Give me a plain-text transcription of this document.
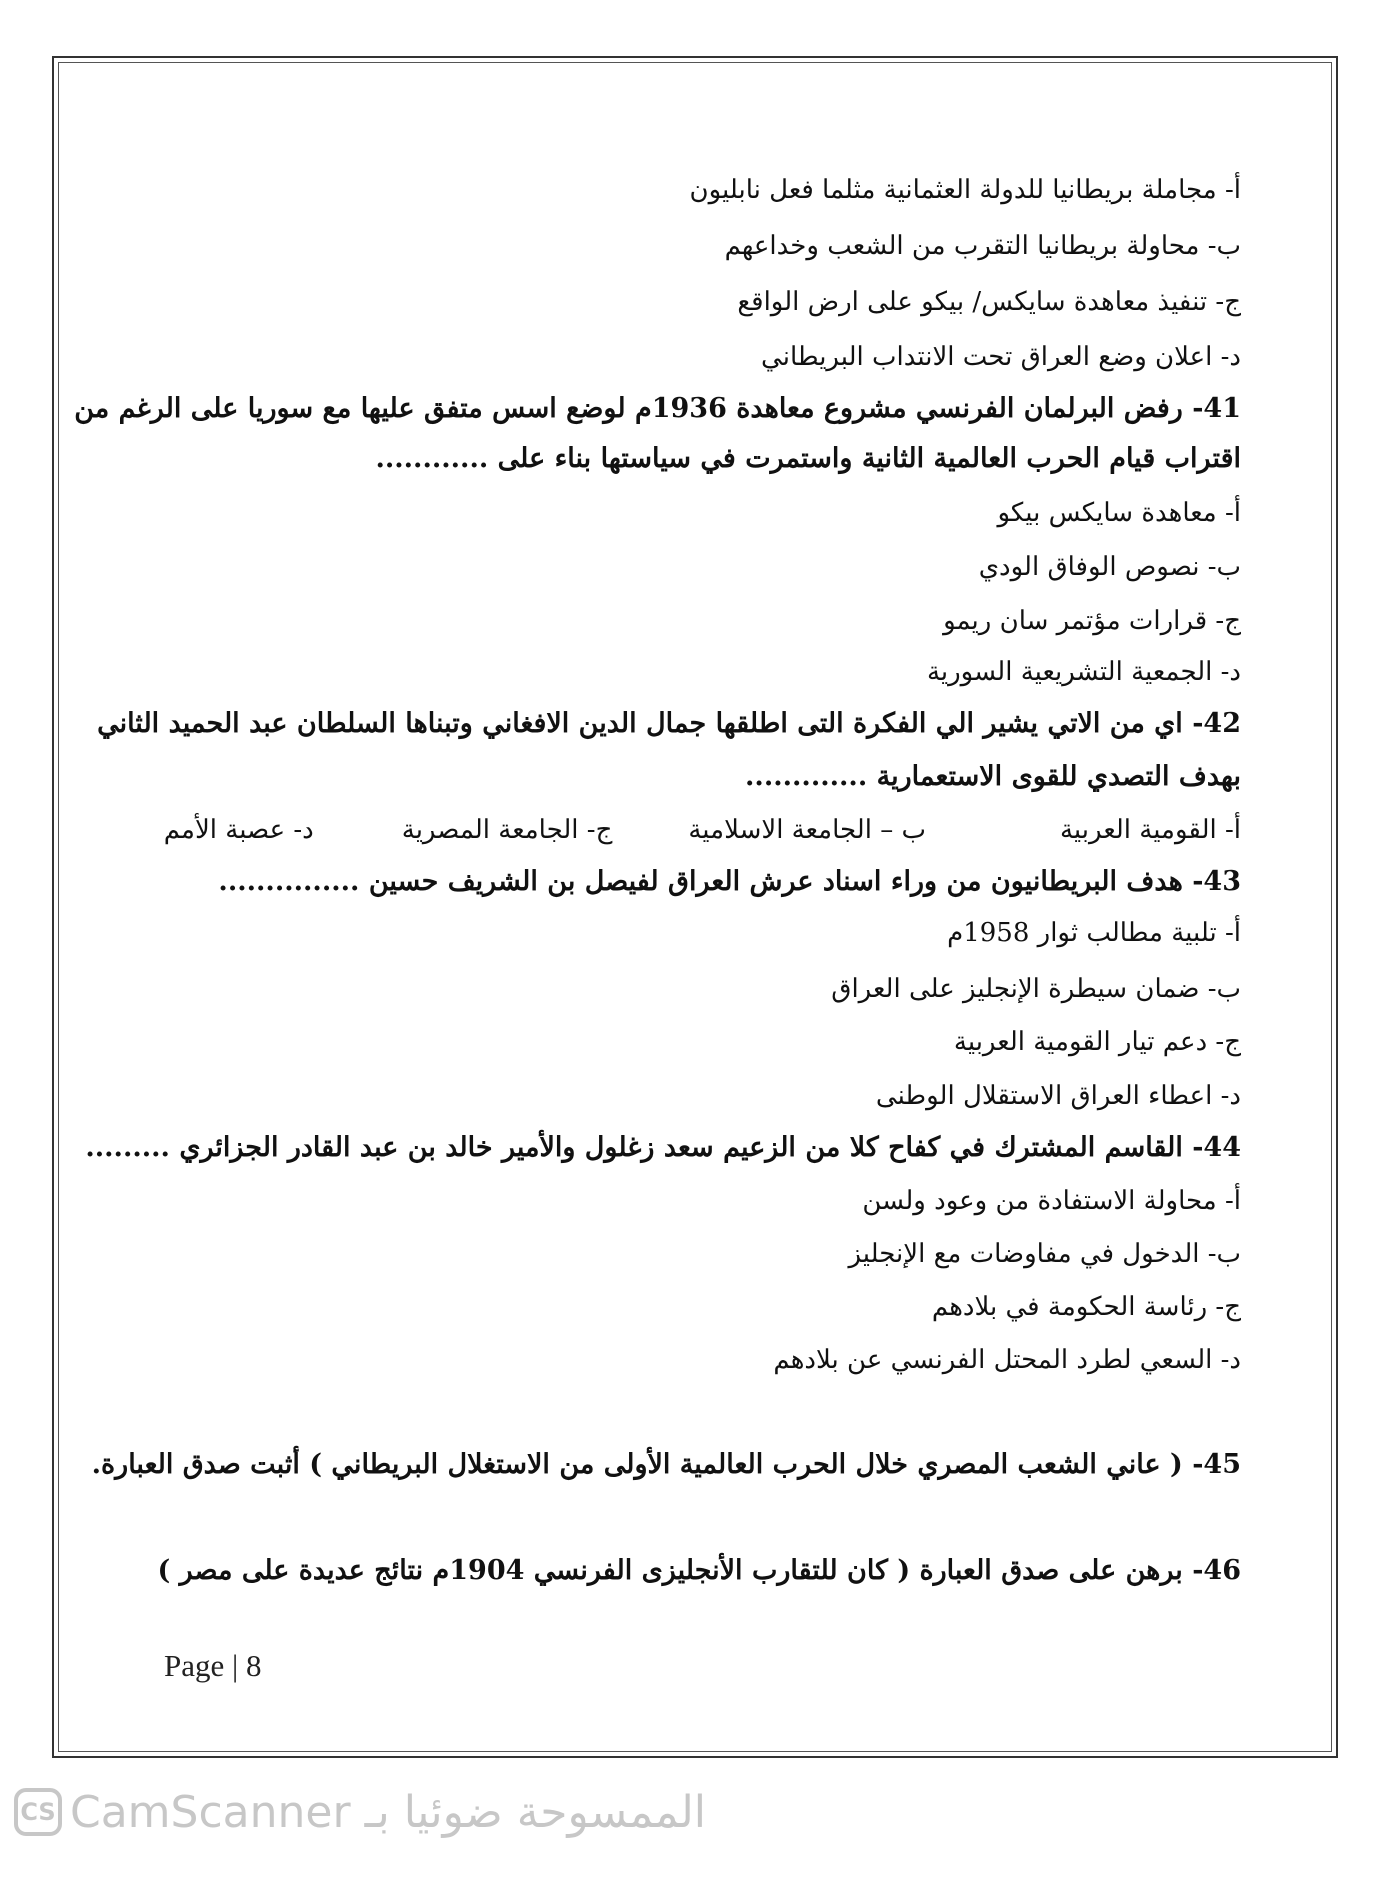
أ- مجاملة بريطانيا للدولة العثمانية مثلما فعل نابليون
ب- محاولة بريطانيا التقرب من الشعب وخداعهم
ج- تنفيذ معاهدة سايكس/ بيكو على ارض الواقع
د- اعلان وضع العراق تحت الانتداب البريطاني
41- رفض البرلمان الفرنسي مشروع معاهدة 1936م لوضع اسس متفق عليها مع سوريا على الرغم من
اقتراب قيام الحرب العالمية الثانية واستمرت في سياستها بناء على ............
أ- معاهدة سايكس بيكو
ب- نصوص الوفاق الودي
ج- قرارات مؤتمر سان ريمو
د- الجمعية التشريعية السورية
42- اي من الاتي يشير الي الفكرة التى اطلقها جمال الدين الافغاني وتبناها السلطان عبد الحميد الثاني
بهدف التصدي للقوى الاستعمارية .............
أ- القومية العربية
ب – الجامعة الاسلامية
ج- الجامعة المصرية
د- عصبة الأمم
43- هدف البريطانيون من وراء اسناد عرش العراق لفيصل بن الشريف حسين ...............
أ- تلبية مطالب ثوار 1958م
ب- ضمان سيطرة الإنجليز على العراق
ج- دعم تيار القومية العربية
د- اعطاء العراق الاستقلال الوطنى
44- القاسم المشترك في كفاح كلا من الزعيم سعد زغلول والأمير خالد بن عبد القادر الجزائري .........
أ- محاولة الاستفادة من وعود ولسن
ب- الدخول في مفاوضات مع الإنجليز
ج- رئاسة الحكومة في بلادهم
د- السعي لطرد المحتل الفرنسي عن بلادهم
45- ( عاني الشعب المصري خلال الحرب العالمية الأولى من الاستغلال البريطاني ) أثبت صدق العبارة.
46- برهن على صدق العبارة ( كان للتقارب الأنجليزى الفرنسي 1904م نتائج عديدة على مصر )
Page | 8
CS الممسوحة ضوئيا بـ CamScanner
